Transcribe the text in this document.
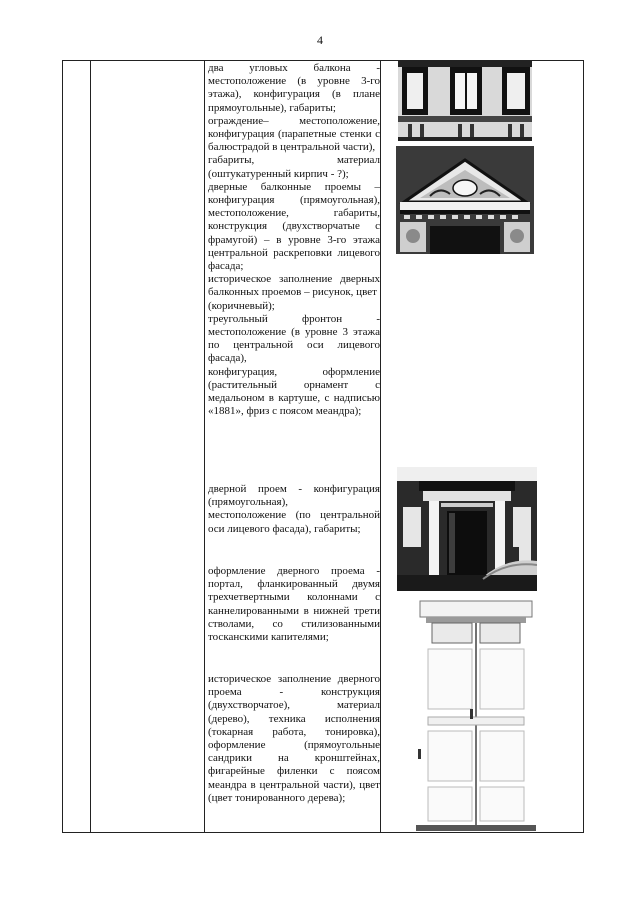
4

два угловых балкона - местоположение (в уровне 3-го этажа), конфигурация (в плане прямоугольные), габариты;
ограждение– местоположение, конфигурация (парапетные стенки с балюстрадой в центральной части),
габариты, материал (оштукатуренный кирпич - ?);
дверные балконные проемы – конфигурация (прямоугольная), местоположение, габариты, конструкция (двухстворчатые с фрамугой) – в уровне 3-го этажа центральной раскреповки лицевого фасада;
историческое заполнение дверных балконных проемов – рисунок, цвет
(коричневый);
треугольный фронтон - местоположение (в уровне 3 этажа по центральной оси лицевого фасада),
конфигурация, оформление (растительный орнамент с медальоном в картуше, с надписью «1881», фриз с поясом меандра);

дверной проем - конфигурация (прямоугольная),
местоположение (по центральной оси лицевого фасада), габариты;

оформление дверного проема - портал, фланкированный двумя трехчетвертными колоннами с каннелированными в нижней трети стволами, со стилизованными тосканскими капителями;

историческое заполнение дверного проема - конструкция (двухстворчатое), материал (дерево), техника исполнения (токарная работа, тонировка), оформление (прямоугольные сандрики на кронштейнах, фигарейные филенки с поясом меандра в центральной части), цвет (цвет тонированного дерева);
